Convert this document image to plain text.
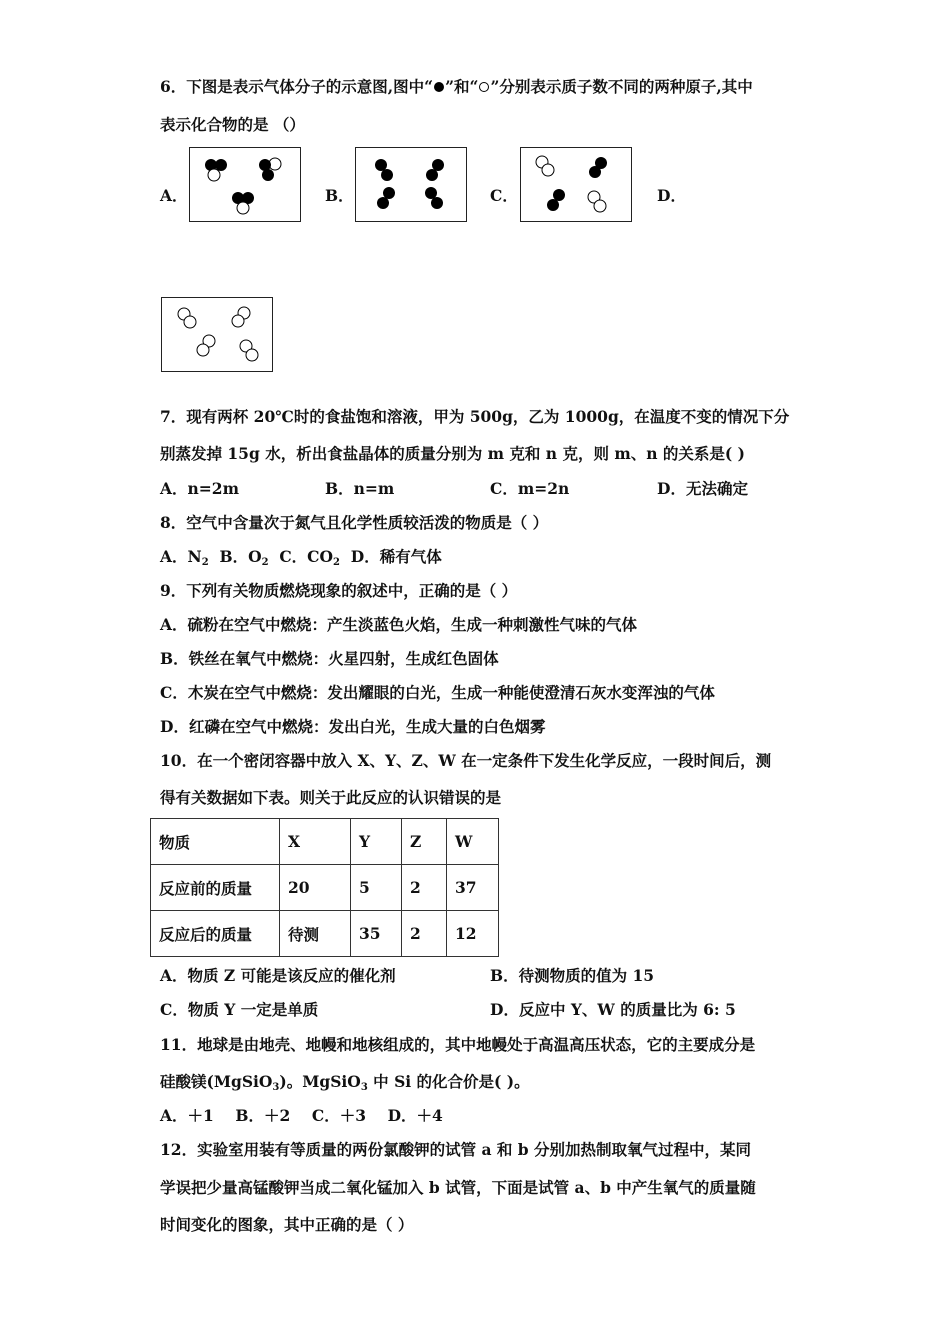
6．下图是表示气体分子的示意图,图中“ ”和“ ”分别表示质子数不同的两种原子,其中
表示化合物的是 （）
A．	B．	C．	D．
7．现有两杯 20℃时的食盐饱和溶液，甲为 500g，乙为 1000g，在温度不变的情况下分
别蒸发掉 15g 水，析出食盐晶体的质量分别为 m 克和 n 克，则 m、n 的关系是( )
A．n=2m	B．n=m	C．m=2n	D．无法确定
8．空气中含量次于氮气且化学性质较活泼的物质是（ ）
A．$N_2$ B．$O_2$ C．$CO_2$ D．稀有气体
9．下列有关物质燃烧现象的叙述中，正确的是（ ）
A．硫粉在空气中燃烧：产生淡蓝色火焰，生成一种刺激性气味的气体
B．铁丝在氧气中燃烧：火星四射，生成红色固体
C．木炭在空气中燃烧：发出耀眼的白光，生成一种能使澄清石灰水变浑浊的气体
D．红磷在空气中燃烧：发出白光，生成大量的白色烟雾
10．在一个密闭容器中放入 X、Y、Z、W 在一定条件下发生化学反应，一段时间后，测
得有关数据如下表。则关于此反应的认识错误的是
物质	X	Y	Z	W
反应前的质量	20	5	2	37
反应后的质量	待测	35	2	12
A．物质 Z 可能是该反应的催化剂	B．待测物质的值为 15
C．物质 Y 一定是单质	D．反应中 Y、W 的质量比为 6: 5
11．地球是由地壳、地幔和地核组成的，其中地幔处于高温高压状态，它的主要成分是
硅酸镁(MgSiO$_3$)。MgSiO$_3$ 中 Si 的化合价是( )。
A．＋1    B．＋2    C．＋3    D．＋4
12．实验室用装有等质量的两份氯酸钾的试管 a 和 b 分别加热制取氧气过程中，某同
学误把少量高锰酸钾当成二氧化锰加入 b 试管，下面是试管 a、b 中产生氧气的质量随
时间变化的图象，其中正确的是（ ）
